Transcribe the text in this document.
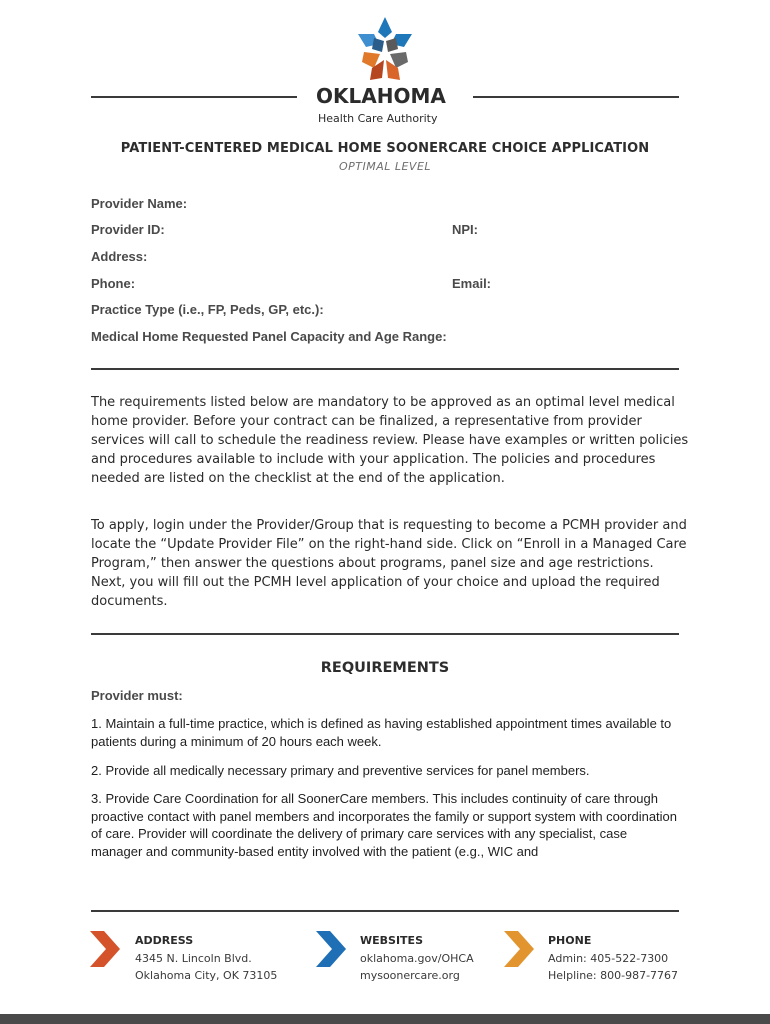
OKLAHOMA
Health Care Authority
PATIENT-CENTERED MEDICAL HOME SOONERCARE CHOICE APPLICATION
OPTIMAL LEVEL
Provider Name:
Provider ID:	NPI:
Address:
Phone:	Email:
Practice Type (i.e., FP, Peds, GP, etc.):
Medical Home Requested Panel Capacity and Age Range:

The requirements listed below are mandatory to be approved as an optimal level medical home provider. Before your contract can be finalized, a representative from provider services will call to schedule the readiness review. Please have examples or written policies and procedures available to include with your application. The policies and procedures needed are listed on the checklist at the end of the application.

To apply, login under the Provider/Group that is requesting to become a PCMH provider and locate the “Update Provider File” on the right-hand side. Click on “Enroll in a Managed Care Program,” then answer the questions about programs, panel size and age restrictions. Next, you will fill out the PCMH level application of your choice and upload the required documents.

REQUIREMENTS
Provider must:

1. Maintain a full-time practice, which is defined as having established appointment times available to patients during a minimum of 20 hours each week.

2. Provide all medically necessary primary and preventive services for panel members.

3. Provide Care Coordination for all SoonerCare members. This includes continuity of care through proactive contact with panel members and incorporates the family or support system with coordination of care. Provider will coordinate the delivery of primary care services with any specialist, case manager and community-based entity involved with the patient (e.g., WIC and

ADDRESS
4345 N. Lincoln Blvd.
Oklahoma City, OK 73105
WEBSITES
oklahoma.gov/OHCA
mysoonercare.org
PHONE
Admin: 405-522-7300
Helpline: 800-987-7767
